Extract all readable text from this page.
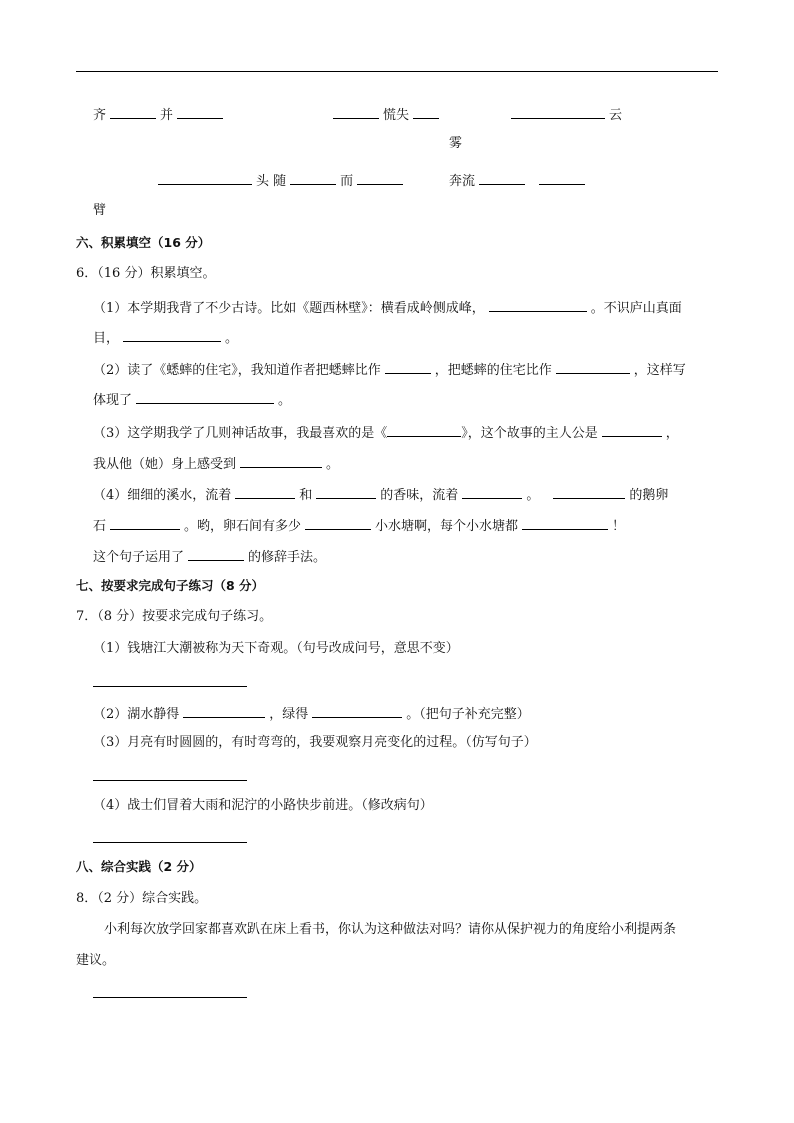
齐	并	慌失	云
雾
头 随	而	奔流
臂
六、积累填空（16 分）
6．（16 分）积累填空。
（1）本学期我背了不少古诗。比如《题西林壁》：横看成岭侧成峰，	。不识庐山真面
目，	。
（2）读了《蟋蟀的住宅》，我知道作者把蟋蟀比作	，把蟋蟀的住宅比作	，这样写
体现了	。
（3）这学期我学了几则神话故事，我最喜欢的是《	》，这个故事的主人公是	，
我从他（她）身上感受到	。
（4）细细的溪水，流着	和	的香味，流着	。	的鹅卵
石	。哟，卵石间有多少	小水塘啊，每个小水塘都	！
这个句子运用了	的修辞手法。
七、按要求完成句子练习（8 分）
7．（8 分）按要求完成句子练习。
（1）钱塘江大潮被称为天下奇观。（句号改成问号，意思不变）
（2）湖水静得	，绿得	。（把句子补充完整）
（3）月亮有时圆圆的，有时弯弯的，我要观察月亮变化的过程。（仿写句子）
（4）战士们冒着大雨和泥泞的小路快步前进。（修改病句）
八、综合实践（2 分）
8．（2 分）综合实践。
小利每次放学回家都喜欢趴在床上看书，你认为这种做法对吗？请你从保护视力的角度给小利提两条
建议。
